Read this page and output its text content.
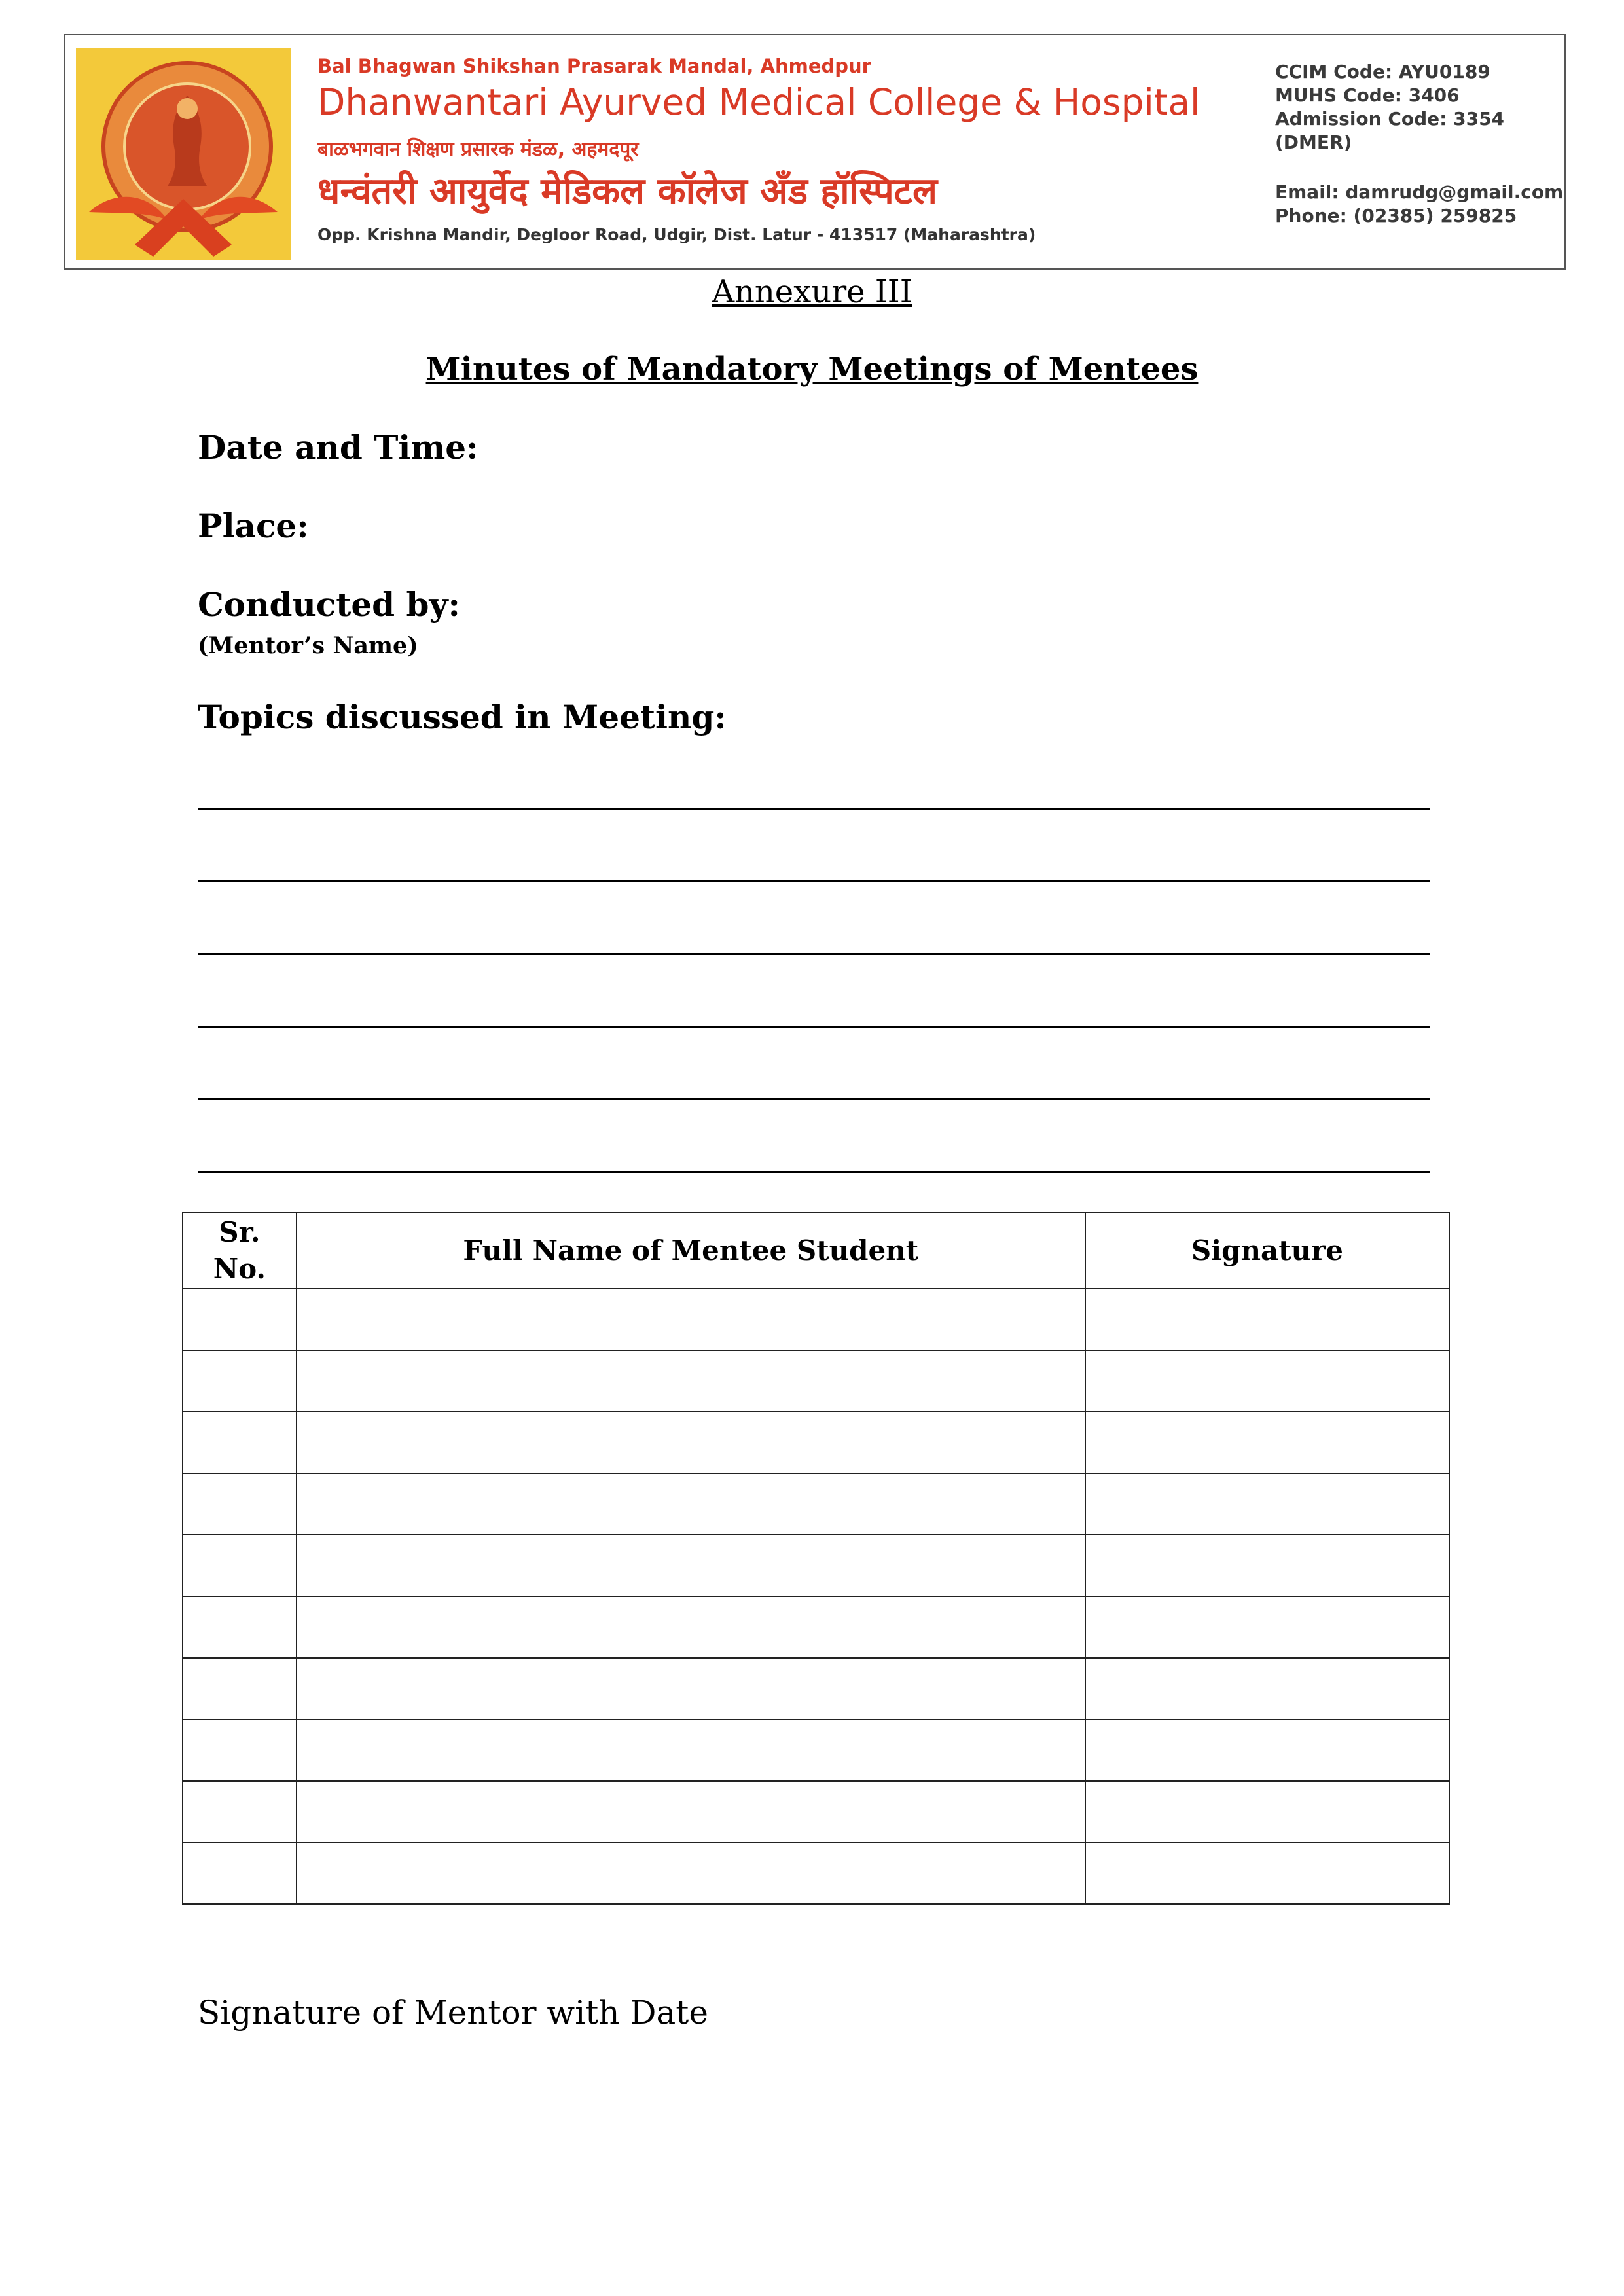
Bal Bhagwan Shikshan Prasarak Mandal, Ahmedpur
Dhanwantari Ayurved Medical College & Hospital
बाळभगवान शिक्षण प्रसारक मंडळ, अहमदपूर
धन्वंतरी आयुर्वेद मेडिकल कॉलेज अँड हॉस्पिटल
Opp. Krishna Mandir, Degloor Road, Udgir, Dist. Latur - 413517 (Maharashtra)
CCIM Code: AYU0189
MUHS Code: 3406
Admission Code: 3354
(DMER)
Email: damrudg@gmail.com
Phone: (02385) 259825
Annexure III
Minutes of Mandatory Meetings of Mentees
Date and Time:
Place:
Conducted by:
(Mentor’s Name)
Topics discussed in Meeting:
Sr.
No.	Full Name of Mentee Student	Signature

Signature of Mentor with Date
